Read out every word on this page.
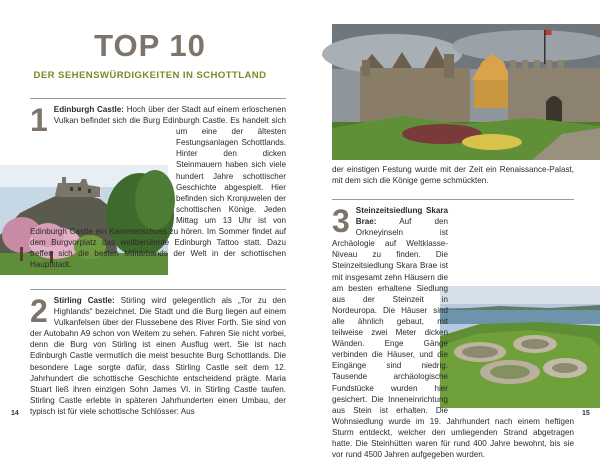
TOP 10
DER SEHENSWÜRDIGKEITEN IN SCHOTTLAND
1 Edinburgh Castle: Hoch über der Stadt auf einem erloschenen Vulkan befindet sich die Burg Edinburgh Castle. Es handelt sich um eine der ältesten Festungsanlagen Schottlands. Hinter den dicken Steinmauern haben sich viele hundert Jahre schottischer Geschichte abgespielt. Hier befinden sich Kronjuwelen der schottischen Könige. Jeden Mittag um 13 Uhr ist von Edinburgh Castle ein Kanonenschuss zu hören. Im Sommer findet auf dem Burgvorplatz das weltberühmte Edinburgh Tattoo statt. Dazu treffen sich die besten Militärbands der Welt in der schottischen Hauptstadt.
2 Stirling Castle: Stirling wird gelegentlich als „Tor zu den Highlands“ bezeichnet. Die Stadt und die Burg liegen auf einem Vulkanfelsen über der Flussebene des River Forth. Sie sind von der Autobahn A9 schon von Weitem zu sehen. Fahren Sie nicht vorbei, denn die Burg von Stirling ist einen Ausflug wert. Sie ist nach Edinburgh Castle vermutlich die meist besuchte Burg Schottlands. Die besondere Lage sorgte dafür, dass Stirling Castle seit dem 12. Jahrhundert die schottische Geschichte entscheidend prägte. Maria Stuart ließ ihren einzigen Sohn James VI. in Stirling Castle taufen. Stirling Castle erlebte in späteren Jahrhunderten einen Umbau, der typisch ist für viele schottische Schlösser: Aus
14
der einstigen Festung wurde mit der Zeit ein Renaissance-Palast, mit dem sich die Könige gerne schmückten.
3 Steinzeitsiedlung Skara Brae:	Auf den Orkneyinseln ist Archäologie auf Weltklasse-Niveau zu finden. Die Steinzeitsiedlung Skara Brae ist mit insgesamt zehn Häusern die am besten erhaltene Siedlung aus der Steinzeit in Nordeuropa. Die Häuser sind alle ähnlich gebaut, mit teilweise zwei Meter dicken Wänden. Enge Gänge verbinden die Häuser, und die Eingänge sind niedrig. Tausende archäologische Fundstücke wurden hier gesichert. Die Inneneinrichtung aus Stein ist erhalten. Die Wohnsiedlung wurde im 19. Jahrhundert nach einem heftigen Sturm entdeckt, welcher den umliegenden Strand abgetragen hatte. Die Steinhütten waren für rund 400 Jahre bewohnt, bis sie vor rund 4500 Jahren aufgegeben wurden.
15
